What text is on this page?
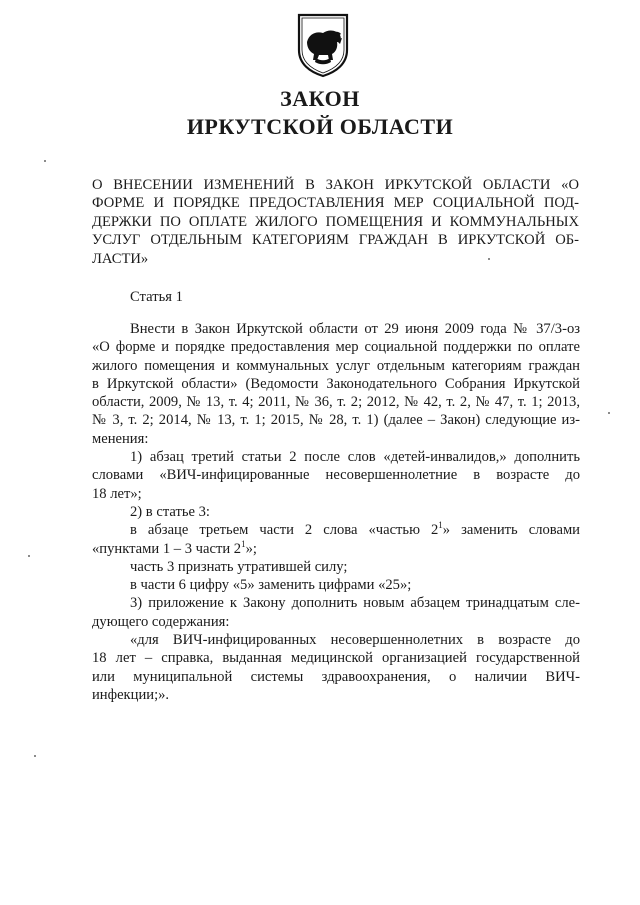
ЗАКОН
ИРКУТСКОЙ ОБЛАСТИ
О ВНЕСЕНИИ ИЗМЕНЕНИЙ В ЗАКОН ИРКУТСКОЙ ОБЛАСТИ «О
ФОРМЕ И ПОРЯДКЕ ПРЕДОСТАВЛЕНИЯ МЕР СОЦИАЛЬНОЙ ПОД-
ДЕРЖКИ ПО ОПЛАТЕ ЖИЛОГО ПОМЕЩЕНИЯ И КОММУНАЛЬНЫХ
УСЛУГ ОТДЕЛЬНЫМ КАТЕГОРИЯМ ГРАЖДАН В ИРКУТСКОЙ ОБ-
ЛАСТИ»
Статья 1
Внести в Закон Иркутской области от 29 июня 2009 года № 37/3-оз
«О форме и порядке предоставления мер социальной поддержки по оплате
жилого помещения и коммунальных услуг отдельным категориям граждан
в Иркутской области» (Ведомости Законодательного Собрания Иркутской
области, 2009, № 13, т. 4; 2011, № 36, т. 2; 2012, № 42, т. 2, № 47, т. 1; 2013,
№ 3, т. 2; 2014, № 13, т. 1; 2015, № 28, т. 1) (далее – Закон) следующие из-
менения:
1) абзац третий статьи 2 после слов «детей-инвалидов,» дополнить
словами «ВИЧ-инфицированные несовершеннолетние в возрасте до
18 лет»;
2) в статье 3:
в абзаце третьем части 2 слова «частью $2^1$» заменить словами
«пунктами 1 – 3 части $2^1$»;
часть 3 признать утратившей силу;
в части 6 цифру «5» заменить цифрами «25»;
3) приложение к Закону дополнить новым абзацем тринадцатым сле-
дующего содержания:
«для ВИЧ-инфицированных несовершеннолетних в возрасте до
18 лет – справка, выданная медицинской организацией государственной
или муниципальной системы здравоохранения, о наличии ВИЧ-
инфекции;».
